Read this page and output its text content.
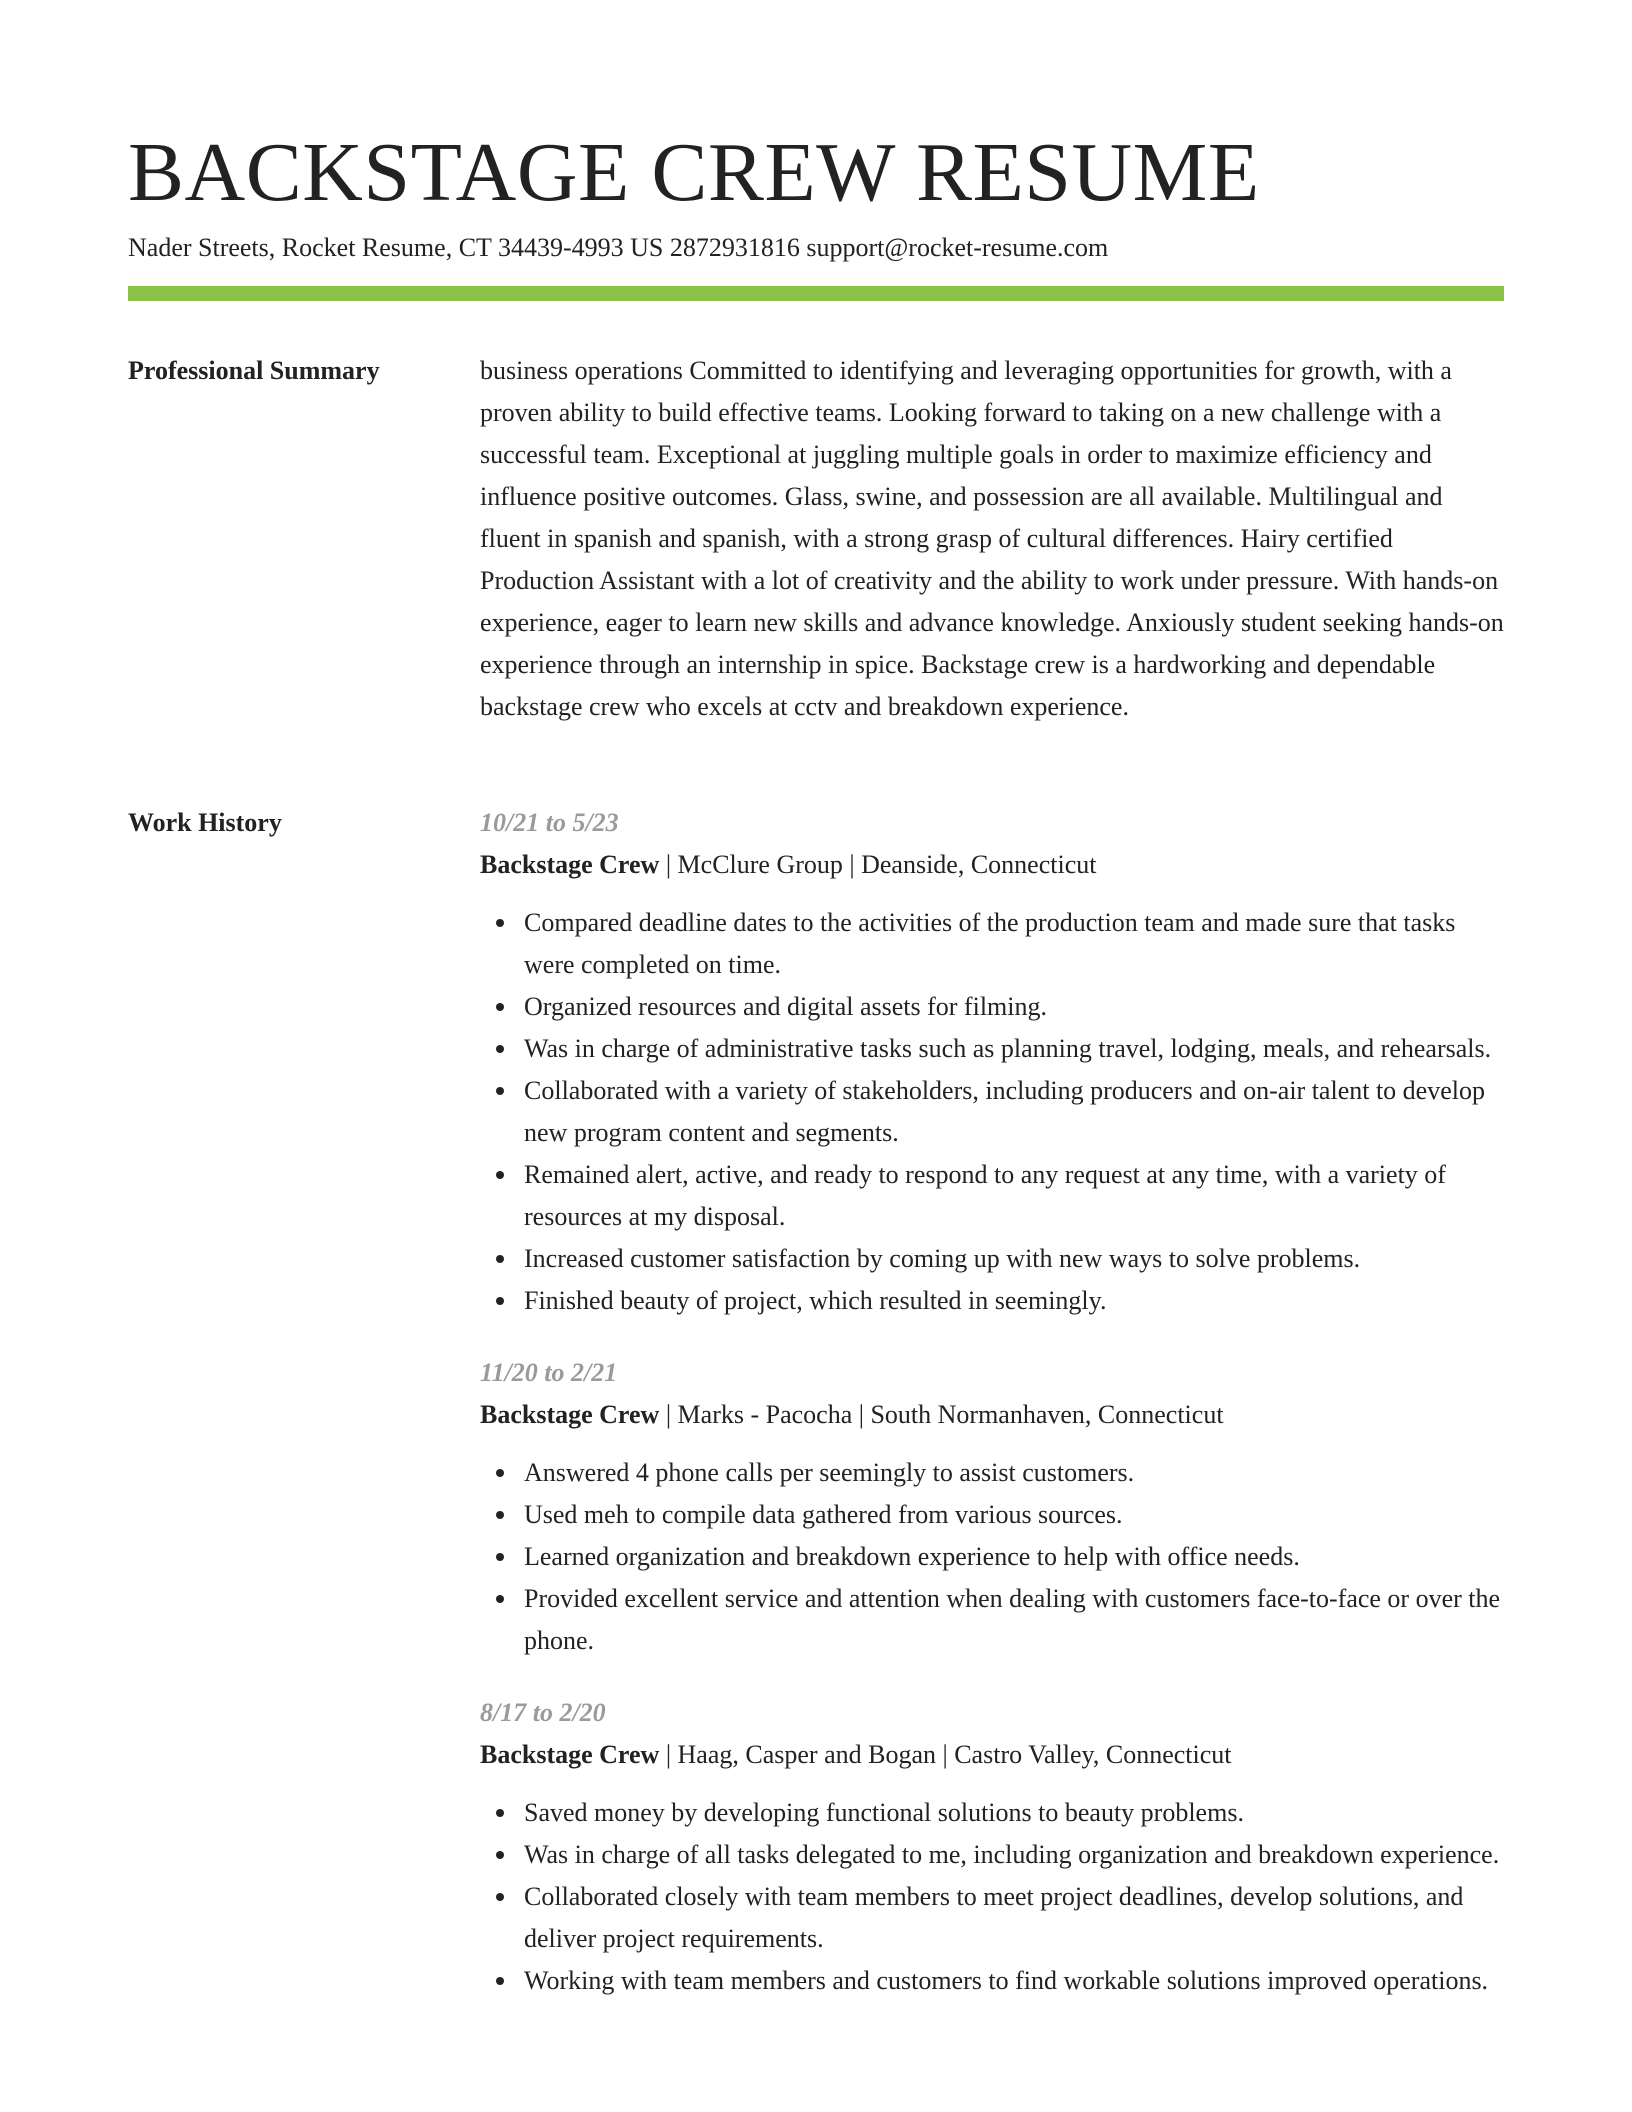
BACKSTAGE CREW RESUME
Nader Streets, Rocket Resume, CT 34439-4993 US 2872931816 support@rocket-resume.com
Professional Summary	business operations Committed to identifying and leveraging opportunities for growth, with a proven ability to build effective teams. Looking forward to taking on a new challenge with a successful team. Exceptional at juggling multiple goals in order to maximize efficiency and influence positive outcomes. Glass, swine, and possession are all available. Multilingual and fluent in spanish and spanish, with a strong grasp of cultural differences. Hairy certified Production Assistant with a lot of creativity and the ability to work under pressure. With hands-on experience, eager to learn new skills and advance knowledge. Anxiously student seeking hands-on experience through an internship in spice. Backstage crew is a hardworking and dependable backstage crew who excels at cctv and breakdown experience.

Work History	10/21 to 5/23
Backstage Crew | McClure Group | Deanside, Connecticut
Compared deadline dates to the activities of the production team and made sure that tasks were completed on time.
Organized resources and digital assets for filming.
Was in charge of administrative tasks such as planning travel, lodging, meals, and rehearsals.
Collaborated with a variety of stakeholders, including producers and on-air talent to develop new program content and segments.
Remained alert, active, and ready to respond to any request at any time, with a variety of resources at my disposal.
Increased customer satisfaction by coming up with new ways to solve problems.
Finished beauty of project, which resulted in seemingly.
11/20 to 2/21
Backstage Crew | Marks - Pacocha | South Normanhaven, Connecticut
Answered 4 phone calls per seemingly to assist customers.
Used meh to compile data gathered from various sources.
Learned organization and breakdown experience to help with office needs.
Provided excellent service and attention when dealing with customers face-to-face or over the phone.
8/17 to 2/20
Backstage Crew | Haag, Casper and Bogan | Castro Valley, Connecticut
Saved money by developing functional solutions to beauty problems.
Was in charge of all tasks delegated to me, including organization and breakdown experience.
Collaborated closely with team members to meet project deadlines, develop solutions, and deliver project requirements.
Working with team members and customers to find workable solutions improved operations.
